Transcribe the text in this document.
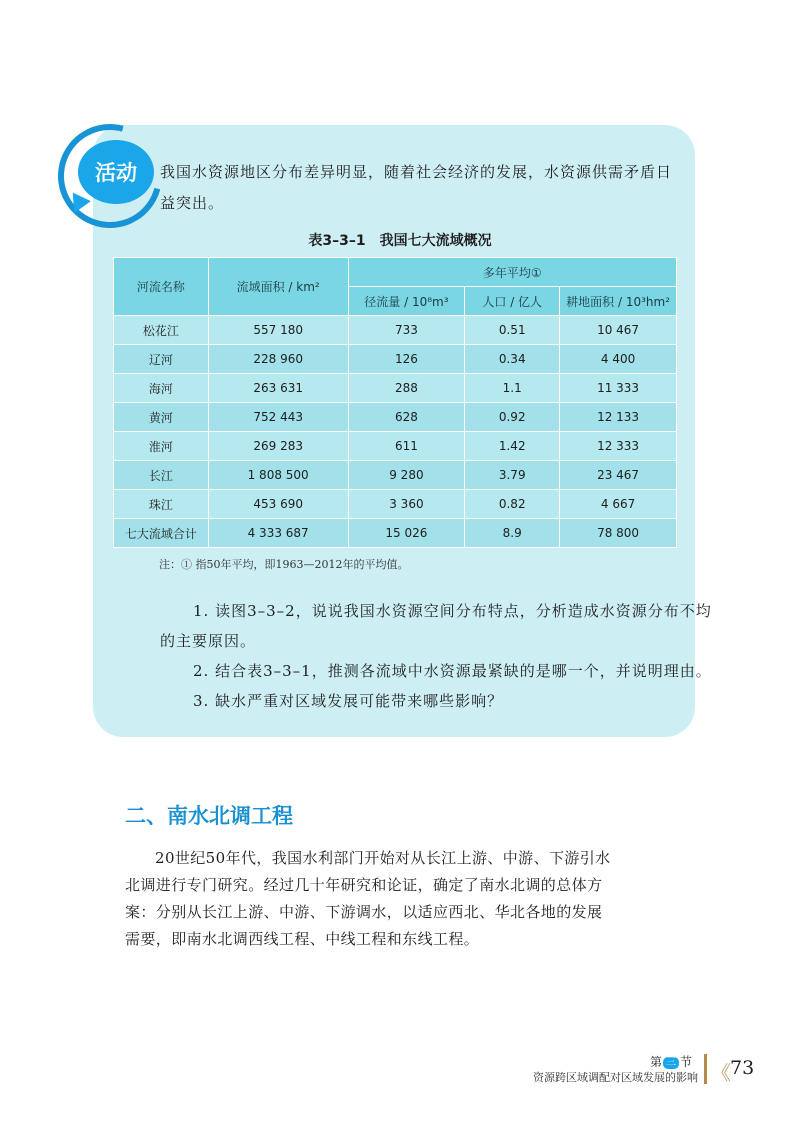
活动	我国水资源地区分布差异明显，随着社会经济的发展，水资源供需矛盾日益突出。
表3–3–1　我国七大流域概况
河流名称	流域面积 / km²	多年平均①		
		径流量 / 10⁸m³	人口 / 亿人	耕地面积 / 10³hm²
松花江	557 180	733	0.51	10 467
辽河	228 960	126	0.34	4 400
海河	263 631	288	1.1	11 333
黄河	752 443	628	0.92	12 133
淮河	269 283	611	1.42	12 333
长江	1 808 500	9 280	3.79	23 467
珠江	453 690	3 360	0.82	4 667
七大流域合计	4 333 687	15 026	8.9	78 800
注：① 指50年平均，即1963—2012年的平均值。
1. 读图3–3–2，说说我国水资源空间分布特点，分析造成水资源分布不均
的主要原因。
2. 结合表3–3–1，推测各流域中水资源最紧缺的是哪一个，并说明理由。
3. 缺水严重对区域发展可能带来哪些影响？
二、南水北调工程
20世纪50年代，我国水利部门开始对从长江上游、中游、下游引水北调进行专门研究。经过几十年研究和论证，确定了南水北调的总体方案：分别从长江上游、中游、下游调水，以适应西北、华北各地的发展需要，即南水北调西线工程、中线工程和东线工程。
第 三 节
资源跨区域调配对区域发展的影响 《 73
